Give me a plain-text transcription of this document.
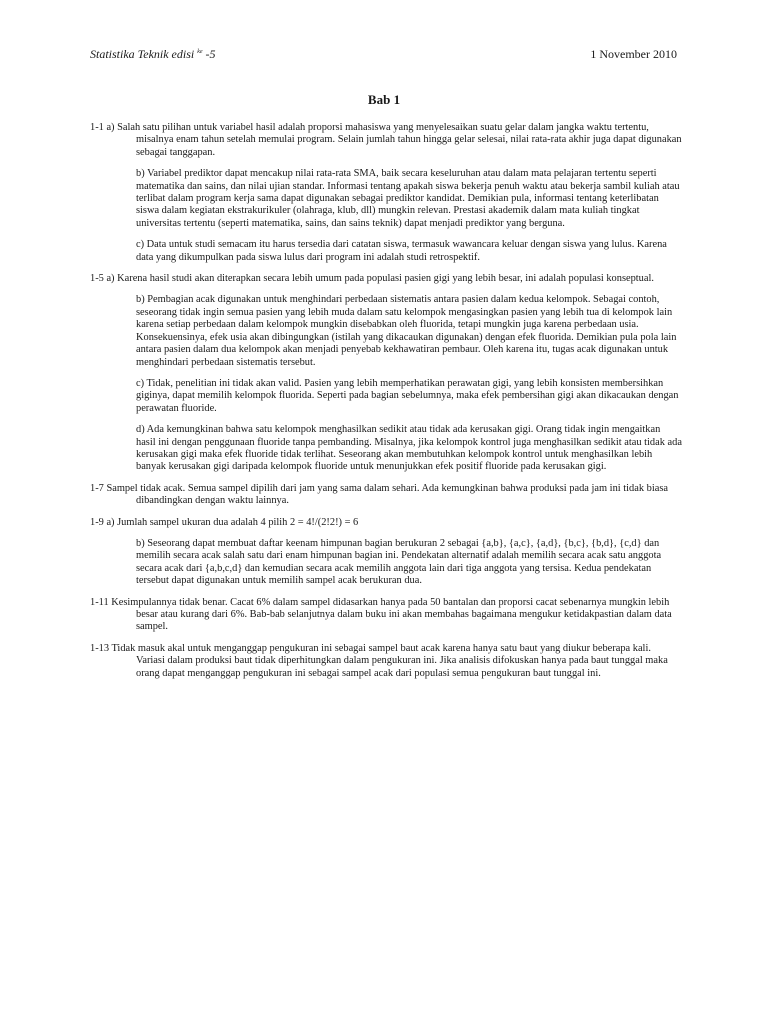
Statistika Teknik edisi $^{ke}$ -5	1 November 2010
Bab 1

1-1 a) Salah satu pilihan untuk variabel hasil adalah proporsi mahasiswa yang menyelesaikan suatu gelar dalam jangka waktu tertentu, misalnya enam tahun setelah memulai program. Selain jumlah tahun hingga gelar selesai, nilai rata-rata akhir juga dapat digunakan sebagai tanggapan.

b) Variabel prediktor dapat mencakup nilai rata-rata SMA, baik secara keseluruhan atau dalam mata pelajaran tertentu seperti matematika dan sains, dan nilai ujian standar. Informasi tentang apakah siswa bekerja penuh waktu atau bekerja sambil kuliah atau terlibat dalam program kerja sama dapat digunakan sebagai prediktor kandidat. Demikian pula, informasi tentang keterlibatan siswa dalam kegiatan ekstrakurikuler (olahraga, klub, dll) mungkin relevan. Prestasi akademik dalam mata kuliah tingkat universitas tertentu (seperti matematika, sains, dan sains teknik) dapat menjadi prediktor yang berguna.

c) Data untuk studi semacam itu harus tersedia dari catatan siswa, termasuk wawancara keluar dengan siswa yang lulus. Karena data yang dikumpulkan pada siswa lulus dari program ini adalah studi retrospektif.

1-5 a) Karena hasil studi akan diterapkan secara lebih umum pada populasi pasien gigi yang lebih besar, ini adalah populasi konseptual.

b) Pembagian acak digunakan untuk menghindari perbedaan sistematis antara pasien dalam kedua kelompok. Sebagai contoh, seseorang tidak ingin semua pasien yang lebih muda dalam satu kelompok mengasingkan pasien yang lebih tua di kelompok lain karena setiap perbedaan dalam kelompok mungkin disebabkan oleh fluorida, tetapi mungkin juga karena perbedaan usia. Konsekuensinya, efek usia akan dibingungkan (istilah yang dikacaukan digunakan) dengan efek fluorida. Demikian pula pola lain antara pasien dalam dua kelompok akan menjadi penyebab kekhawatiran pembaur. Oleh karena itu, tugas acak digunakan untuk menghindari perbedaan sistematis tersebut.

c) Tidak, penelitian ini tidak akan valid. Pasien yang lebih memperhatikan perawatan gigi, yang lebih konsisten membersihkan giginya, dapat memilih kelompok fluorida. Seperti pada bagian sebelumnya, maka efek pembersihan gigi akan dikacaukan dengan perawatan fluoride.

d) Ada kemungkinan bahwa satu kelompok menghasilkan sedikit atau tidak ada kerusakan gigi. Orang tidak ingin mengaitkan hasil ini dengan penggunaan fluoride tanpa pembanding. Misalnya, jika kelompok kontrol juga menghasilkan sedikit atau tidak ada kerusakan gigi maka efek fluoride tidak terlihat. Seseorang akan membutuhkan kelompok kontrol untuk menghasilkan lebih banyak kerusakan gigi daripada kelompok fluoride untuk menunjukkan efek positif fluoride pada kerusakan gigi.

1-7 Sampel tidak acak. Semua sampel dipilih dari jam yang sama dalam sehari. Ada kemungkinan bahwa produksi pada jam ini tidak biasa dibandingkan dengan waktu lainnya.

1-9 a) Jumlah sampel ukuran dua adalah 4 pilih 2 = 4!/(2!2!) = 6

b) Seseorang dapat membuat daftar keenam himpunan bagian berukuran 2 sebagai {a,b}, {a,c}, {a,d}, {b,c}, {b,d}, {c,d} dan memilih secara acak salah satu dari enam himpunan bagian ini. Pendekatan alternatif adalah memilih secara acak satu anggota secara acak dari {a,b,c,d} dan kemudian secara acak memilih anggota lain dari tiga anggota yang tersisa. Kedua pendekatan tersebut dapat digunakan untuk memilih sampel acak berukuran dua.

1-11 Kesimpulannya tidak benar. Cacat 6% dalam sampel didasarkan hanya pada 50 bantalan dan proporsi cacat sebenarnya mungkin lebih besar atau kurang dari 6%. Bab-bab selanjutnya dalam buku ini akan membahas bagaimana mengukur ketidakpastian dalam data sampel.

1-13 Tidak masuk akal untuk menganggap pengukuran ini sebagai sampel baut acak karena hanya satu baut yang diukur beberapa kali. Variasi dalam produksi baut tidak diperhitungkan dalam pengukuran ini. Jika analisis difokuskan hanya pada baut tunggal maka orang dapat menganggap pengukuran ini sebagai sampel acak dari populasi semua pengukuran baut tunggal ini.
